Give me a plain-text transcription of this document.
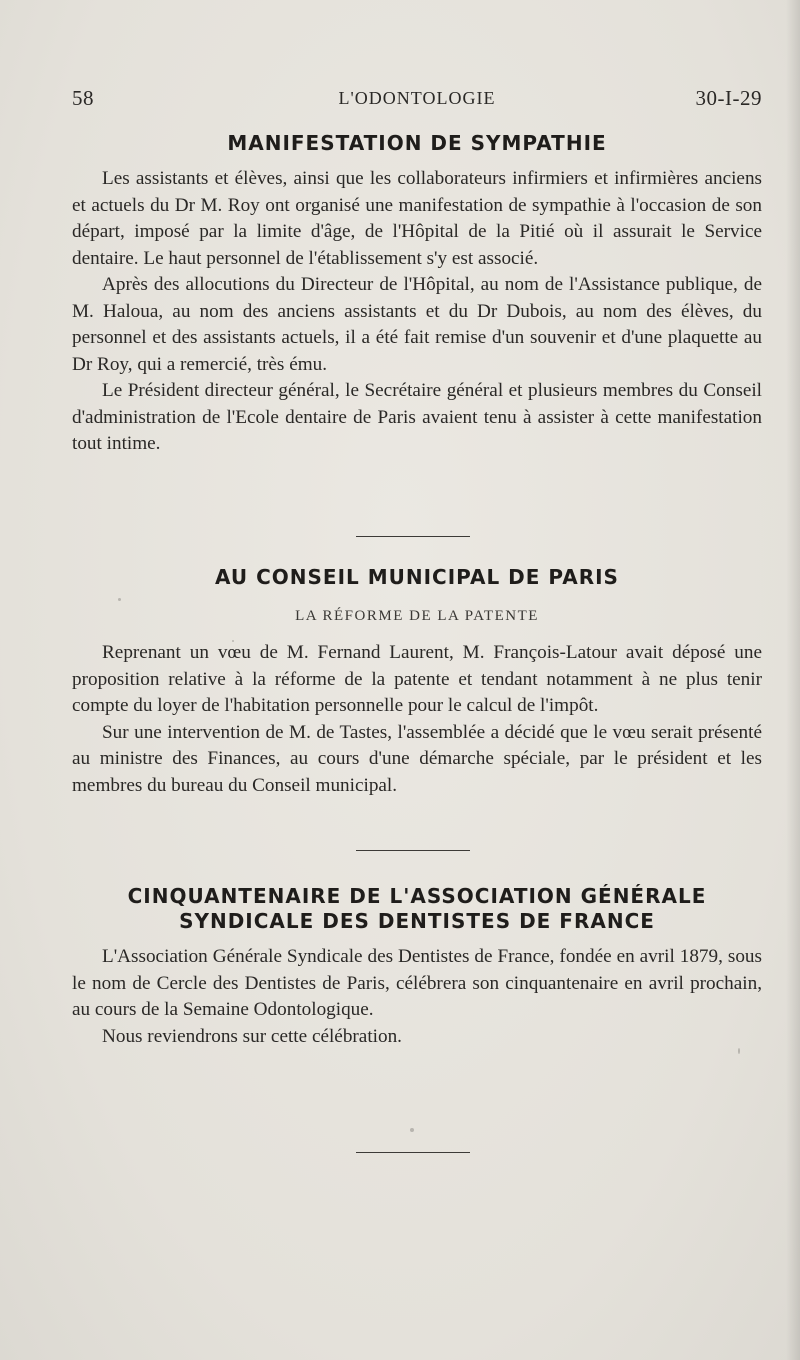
58	L'ODONTOLOGIE	30-I-29
MANIFESTATION DE SYMPATHIE

Les assistants et élèves, ainsi que les collaborateurs infirmiers et infirmières anciens et actuels du Dr M. Roy ont organisé une manifestation de sympathie à l'occasion de son départ, imposé par la limite d'âge, de l'Hôpital de la Pitié où il assurait le Service dentaire. Le haut personnel de l'établissement s'y est associé.

Après des allocutions du Directeur de l'Hôpital, au nom de l'Assistance publique, de M. Haloua, au nom des anciens assistants et du Dr Dubois, au nom des élèves, du personnel et des assistants actuels, il a été fait remise d'un souvenir et d'une plaquette au Dr Roy, qui a remercié, très ému.

Le Président directeur général, le Secrétaire général et plusieurs membres du Conseil d'administration de l'Ecole dentaire de Paris avaient tenu à assister à cette manifestation tout intime.

AU CONSEIL MUNICIPAL DE PARIS
LA RÉFORME DE LA PATENTE

Reprenant un vœu de M. Fernand Laurent, M. François-Latour avait déposé une proposition relative à la réforme de la patente et tendant notamment à ne plus tenir compte du loyer de l'habitation personnelle pour le calcul de l'impôt.

Sur une intervention de M. de Tastes, l'assemblée a décidé que le vœu serait présenté au ministre des Finances, au cours d'une démarche spéciale, par le président et les membres du bureau du Conseil municipal.

CINQUANTENAIRE DE L'ASSOCIATION GÉNÉRALE
SYNDICALE DES DENTISTES DE FRANCE

L'Association Générale Syndicale des Dentistes de France, fondée en avril 1879, sous le nom de Cercle des Dentistes de Paris, célébrera son cinquantenaire en avril prochain, au cours de la Semaine Odontologique.

Nous reviendrons sur cette célébration.
